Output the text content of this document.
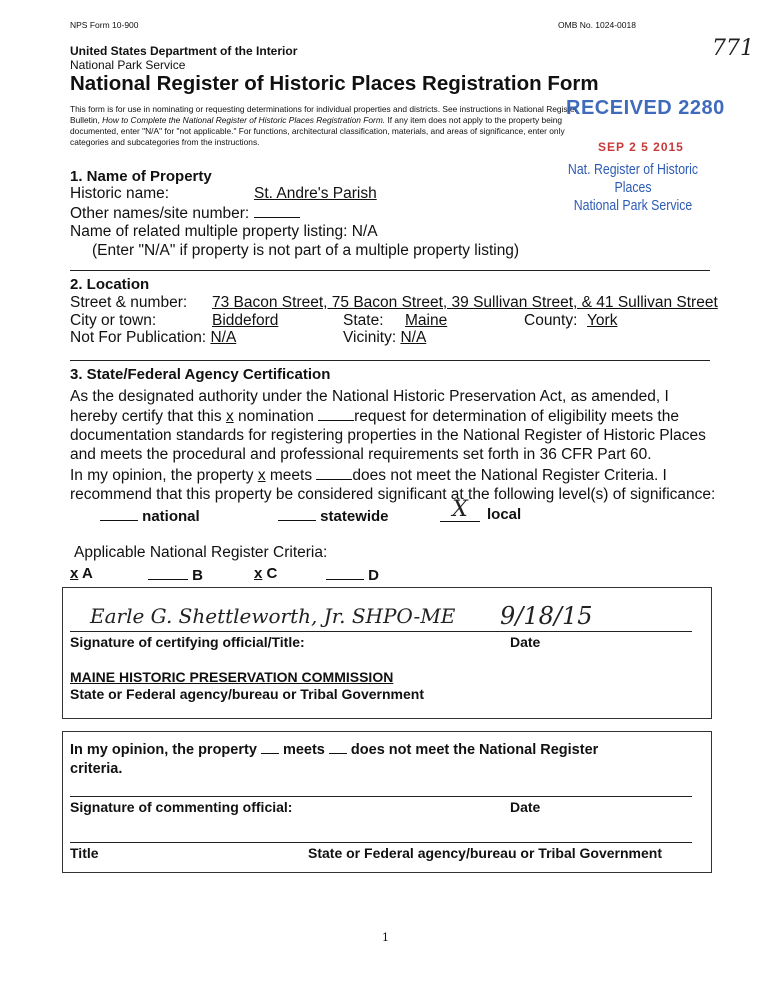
NPS Form 10-900	OMB No. 1024-0018
771
United States Department of the Interior
National Park Service
National Register of Historic Places Registration Form
This form is for use in nominating or requesting determinations for individual properties and districts. See instructions in National Register
Bulletin, How to Complete the National Register of Historic Places Registration Form. If any item does not apply to the property being
documented, enter "N/A" for "not applicable." For functions, architectural classification, materials, and areas of significance, enter only
categories and subcategories from the instructions.
RECEIVED 2280
SEP 2 5 2015
Nat. Register of Historic Places
National Park Service
1. Name of Property
Historic name:	St. Andre's Parish
Other names/site number:
Name of related multiple property listing: N/A
(Enter "N/A" if property is not part of a multiple property listing)
2. Location
Street & number: 73 Bacon Street, 75 Bacon Street, 39 Sullivan Street, & 41 Sullivan Street
City or town:	Biddeford	State: Maine	County: York
Not For Publication: N/A	Vicinity: N/A
3. State/Federal Agency Certification
As the designated authority under the National Historic Preservation Act, as amended, I
hereby certify that this x nomination request for determination of eligibility meets the
documentation standards for registering properties in the National Register of Historic Places
and meets the procedural and professional requirements set forth in 36 CFR Part 60.
In my opinion, the property x meets does not meet the National Register Criteria. I
recommend that this property be considered significant at the following level(s) of significance:
national	statewide	X	local
Applicable National Register Criteria:
x A	B	x C	D
Earle G. Shettleworth, Jr. SHPO-ME 9/18/15
Signature of certifying official/Title:	Date
MAINE HISTORIC PRESERVATION COMMISSION
State or Federal agency/bureau or Tribal Government
In my opinion, the property  meets  does not meet the National Register
criteria.
Signature of commenting official:	Date
Title	State or Federal agency/bureau or Tribal Government
1
